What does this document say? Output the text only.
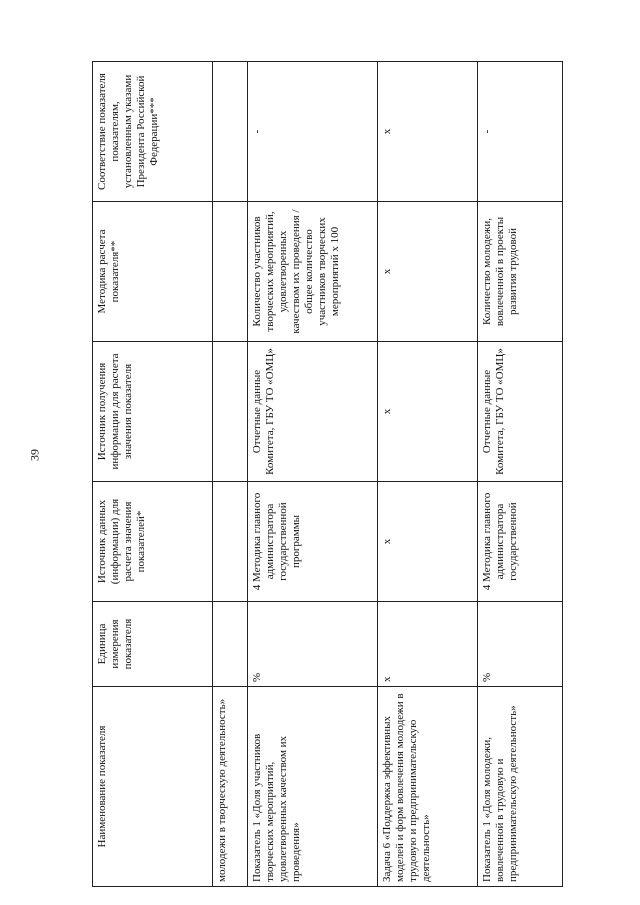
39
Наименование показателя	Единица измерения показателя	Источник данных (информации) для расчета значения показателей*	Источник получения информации для расчета значения показателя	Методика расчета показателя**	Соответствие показателя показателям, установленным указами Президента Российской Федерации***
молодежи в творческую деятельность»					
Показатель 1 «Доля участников творческих мероприятий, удовлетворенных качеством их проведения»	%	4 Методика главного администратора государственной программы	Отчетные данные Комитета, ГБУ ТО «ОМЦ»	Количество участников творческих мероприятий, удовлетворенных качеством их проведения /общее количество участников творческих мероприятий х 100	-
Задача 6 «Поддержка эффективных моделей и форм вовлечения молодежи в трудовую и предпринимательскую деятельность»	х	х	х	х	х
Показатель 1 «Доля молодежи, вовлеченной в трудовую и предпринимательскую деятельность»	%	4 Методика главного администратора государственной	Отчетные данные Комитета, ГБУ ТО «ОМЦ»	Количество молодежи, вовлеченной в проекты развития трудовой	-
